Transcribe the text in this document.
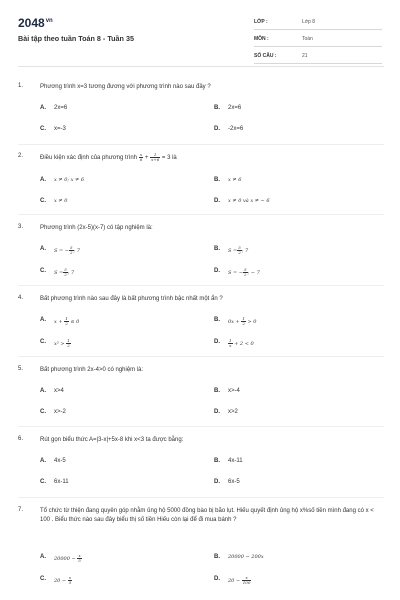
$2048^{vn}$
Bài tập theo tuần Toán 8 - Tuần 35
LỚP :	Lớp 8
MÔN :	Toán
SỐ CÂU :	21
1.	Phương trình x=3 tương đương với phương trình nào sau đây ?
A. 2x=6	B. 2x=6
C. x=-3	D. -2x=6
2.	Điều kiện xác định của phương trình $\frac{x}{6} + \frac{1}{x+6} = 3$ là
A. x ≠ 0; x ≠ 6	B. x ≠ 6
C. x ≠ 0	D. x ≠ 0 và x ≠ − 6
3.	Phương trình (2x-5)(x-7) có tập nghiệm là:
A. S = − $\frac{5}{2}$ ; 7	B. $S = \frac{5}{2}$ ; 7
C. $S = \frac{5}{2}$ ; 7	D. S = − $\frac{5}{2}$ ; − 7
4.	Bất phương trình nào sau đây là bất phương trình bậc nhất một ẩn ?
A. $x + \frac{1}{2} \le 0$	B. $0x + \frac{1}{2} > 0$
C. $x^2 > \frac{1}{2}$	D. $\frac{1}{x} + 2 < 0$
5.	Bất phương trình 2x-4>0 có nghiệm là:
A. x>4	B. x>-4
C. x>-2	D. x>2
6.	Rút gọn biểu thức A=|3-x|+5x-8 khi x<3 ta được bằng:
A. 4x-5	B. 4x-11
C. 6x-11	D. 6x-5
7.	Tổ chức từ thiện đang quyên góp nhằm ủng hộ 5000 đồng bào bị bão lụt. Hiếu quyết định ủng hộ x%số tiền mình đang có x < 100 . Biểu thức nào sau đây biểu thị số tiền Hiếu còn lại để đi mua bánh ?
A. $20000 - \frac{x}{5}$	B. 20000 − 200x
C. $20 - \frac{x}{5}$	D. $20 - \frac{x}{100}$
